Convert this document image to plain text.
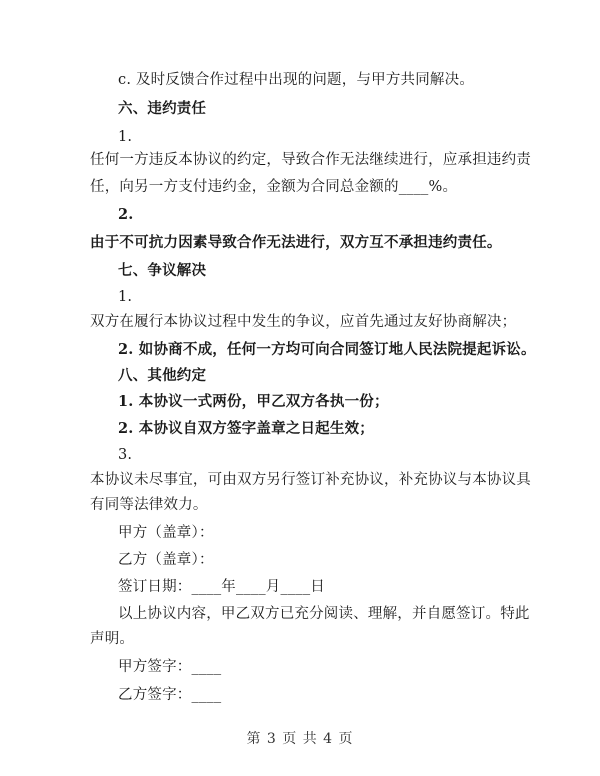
c. 及时反馈合作过程中出现的问题，与甲方共同解决。
六、违约责任
1.
任何一方违反本协议的约定，导致合作无法继续进行，应承担违约责
任，向另一方支付违约金，金额为合同总金额的____%。
2.
由于不可抗力因素导致合作无法进行，双方互不承担违约责任。
七、争议解决
1.
双方在履行本协议过程中发生的争议，应首先通过友好协商解决；
2. 如协商不成，任何一方均可向合同签订地人民法院提起诉讼。
八、其他约定
1. 本协议一式两份，甲乙双方各执一份；
2. 本协议自双方签字盖章之日起生效；
3.
本协议未尽事宜，可由双方另行签订补充协议，补充协议与本协议具
有同等法律效力。
甲方（盖章）：
乙方（盖章）：
签订日期：____年____月____日
以上协议内容，甲乙双方已充分阅读、理解，并自愿签订。特此
声明。
甲方签字：____
乙方签字：____
第 3 页 共 4 页
